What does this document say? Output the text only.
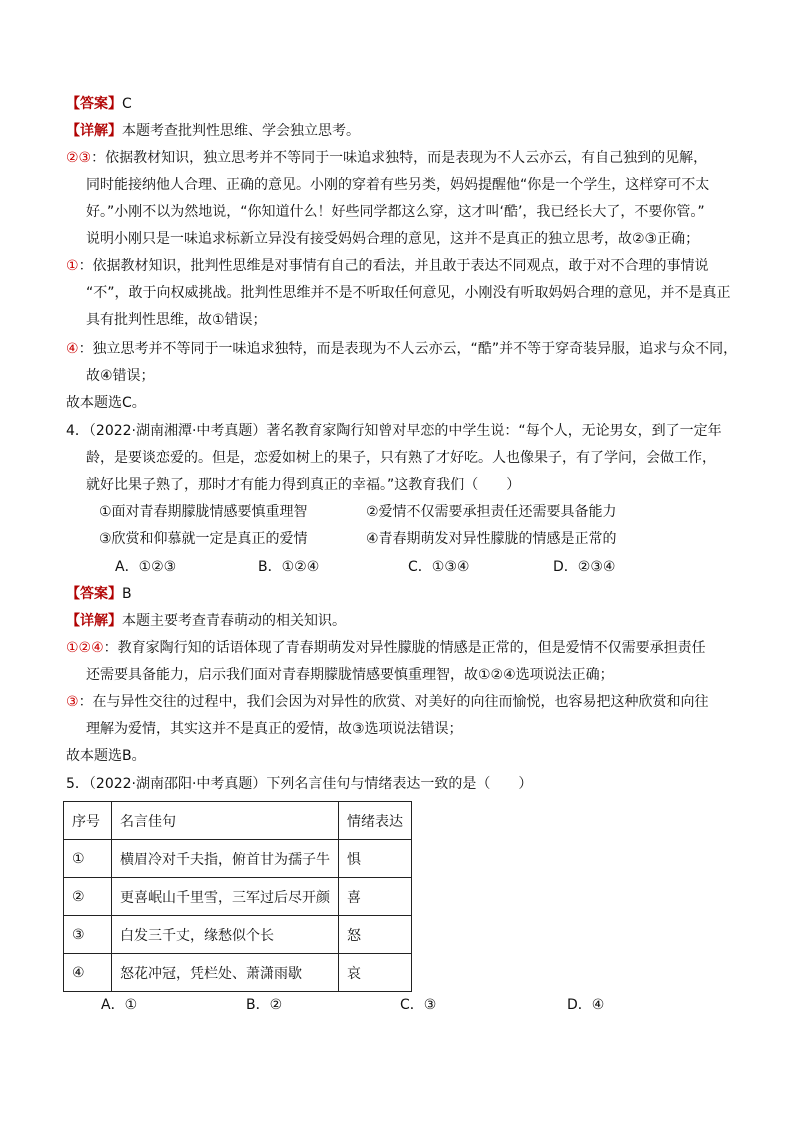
【答案】C
【详解】本题考查批判性思维、学会独立思考。
②③：依据教材知识，独立思考并不等同于一味追求独特，而是表现为不人云亦云，有自己独到的见解，
同时能接纳他人合理、正确的意见。小刚的穿着有些另类，妈妈提醒他“你是一个学生，这样穿可不太
好。”小刚不以为然地说，“你知道什么！好些同学都这么穿，这才叫‘酷’，我已经长大了，不要你管。”
说明小刚只是一味追求标新立异没有接受妈妈合理的意见，这并不是真正的独立思考，故②③正确；
①：依据教材知识，批判性思维是对事情有自己的看法，并且敢于表达不同观点，敢于对不合理的事情说
“不”，敢于向权威挑战。批判性思维并不是不听取任何意见，小刚没有听取妈妈合理的意见，并不是真正
具有批判性思维，故①错误；
④：独立思考并不等同于一味追求独特，而是表现为不人云亦云，“酷”并不等于穿奇装异服，追求与众不同，
故④错误；
故本题选C。
4．（2022·湖南湘潭·中考真题）著名教育家陶行知曾对早恋的中学生说：“每个人，无论男女，到了一定年
龄，是要谈恋爱的。但是，恋爱如树上的果子，只有熟了才好吃。人也像果子，有了学问，会做工作，
就好比果子熟了，那时才有能力得到真正的幸福。”这教育我们（　　）
①面对青春期朦胧情感要慎重理智	②爱情不仅需要承担责任还需要具备能力
③欣赏和仰慕就一定是真正的爱情	④青春期萌发对异性朦胧的情感是正常的
A．①②③	B．①②④	C．①③④	D．②③④
【答案】B
【详解】本题主要考查青春萌动的相关知识。
①②④：教育家陶行知的话语体现了青春期萌发对异性朦胧的情感是正常的，但是爱情不仅需要承担责任
还需要具备能力，启示我们面对青春期朦胧情感要慎重理智，故①②④选项说法正确；
③：在与异性交往的过程中，我们会因为对异性的欣赏、对美好的向往而愉悦，也容易把这种欣赏和向往
理解为爱情，其实这并不是真正的爱情，故③选项说法错误；
故本题选B。
5．（2022·湖南邵阳·中考真题）下列名言佳句与情绪表达一致的是（　　）
序号	名言佳句	情绪表达
①	横眉冷对千夫指，俯首甘为孺子牛	惧
②	更喜岷山千里雪，三军过后尽开颜	喜
③	白发三千丈，缘愁似个长	怒
④	怒花冲冠，凭栏处、萧潇雨歇	哀
A．①	B．②	C．③	D．④
